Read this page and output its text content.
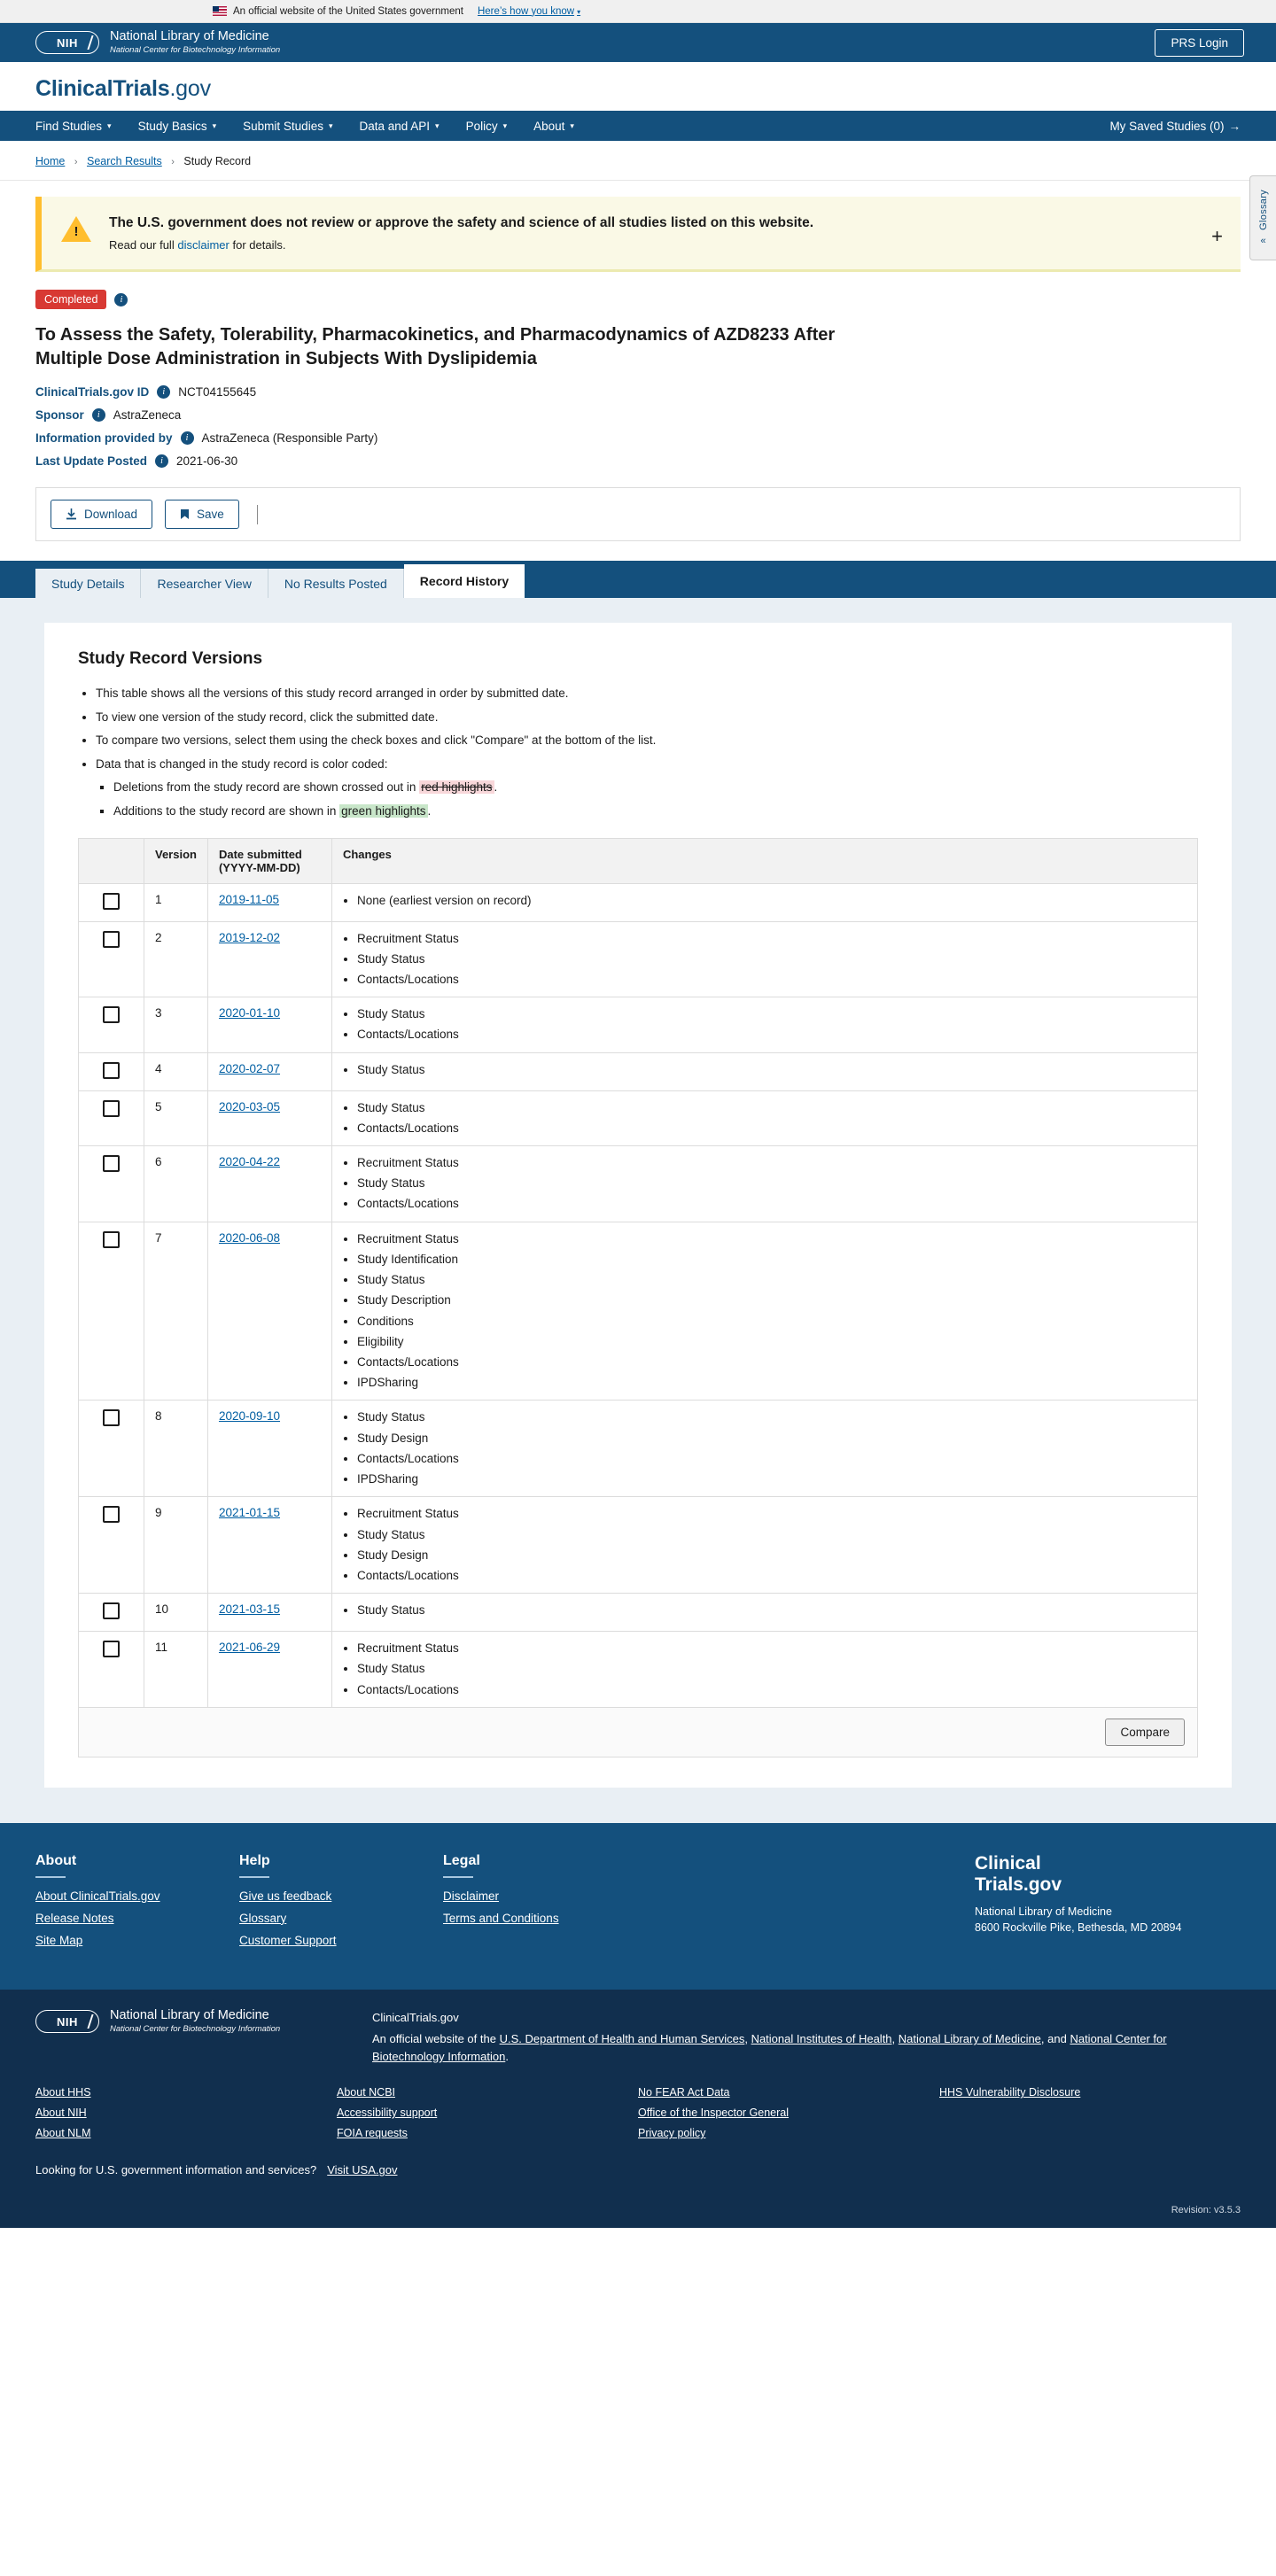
An official website of the United States government Here’s how you know ▾
NIH	National Library of Medicine
National Center for Biotechnology Information
PRS Login
ClinicalTrials.gov
Find Studies ▾ Study Basics ▾ Submit Studies ▾ Data and API ▾ Policy ▾ About ▾	My Saved Studies (0) →
Home › Search Results › Study Record
Glossary
«
!
The U.S. government does not review or approve the safety and science of all studies listed on this website.
Read our full disclaimer for details.	+
Completed	i
To Assess the Safety, Tolerability, Pharmacokinetics, and Pharmacodynamics of AZD8233 After Multiple Dose Administration in Subjects With Dyslipidemia
ClinicalTrials.gov ID	i	NCT04155645
Sponsor	i	AstraZeneca
Information provided by	i	AstraZeneca (Responsible Party)
Last Update Posted	i	2021-06-30
Download	Save
Study Details	Researcher View	No Results Posted	Record History
Study Record Versions
• This table shows all the versions of this study record arranged in order by submitted date.
• To view one version of the study record, click the submitted date.
• To compare two versions, select them using the check boxes and click "Compare" at the bottom of the list.
• Data that is changed in the study record is color coded:
▪ Deletions from the study record are shown crossed out in red highlights .
▪ Additions to the study record are shown in green highlights .
	Version	Date submitted
(YYYY-MM-DD)	Changes
	1	2019-11-05	
•None (earliest version on record)

	2	2019-12-02	
•Recruitment Status
• Study Status
• Contacts/Locations

	3	2020-01-10	
•Study Status
• Contacts/Locations

	4	2020-02-07	
•Study Status

	5	2020-03-05	
•Study Status
• Contacts/Locations

	6	2020-04-22	
•Recruitment Status
• Study Status
• Contacts/Locations

	7	2020-06-08	
•Recruitment Status
• Study Identification
• Study Status
• Study Description
• Conditions
• Eligibility
• Contacts/Locations
• IPDSharing

	8	2020-09-10	
•Study Status
• Study Design
• Contacts/Locations
• IPDSharing

	9	2021-01-15	
•Recruitment Status
• Study Status
• Study Design
• Contacts/Locations

	10	2021-03-15	
•Study Status

	11	2021-06-29	
•Recruitment Status
• Study Status
• Contacts/Locations
Compare
About
About ClinicalTrials.gov
Release Notes
Site Map
Help
Give us feedback
Glossary
Customer Support
Legal
Disclaimer
Terms and Conditions
Clinical
Trials.gov
National Library of Medicine
8600 Rockville Pike, Bethesda, MD 20894
NIH	National Library of Medicine
National Center for Biotechnology Information
ClinicalTrials.gov
An official website of the U.S. Department of Health and Human Services, National Institutes of Health, National Library of Medicine, and National Center for Biotechnology Information.
About HHS
About NIH
About NLM
About NCBI
Accessibility support
FOIA requests
No FEAR Act Data
Office of the Inspector General
Privacy policy
HHS Vulnerability Disclosure
Looking for U.S. government information and services? Visit USA.gov
Revision: v3.5.3
